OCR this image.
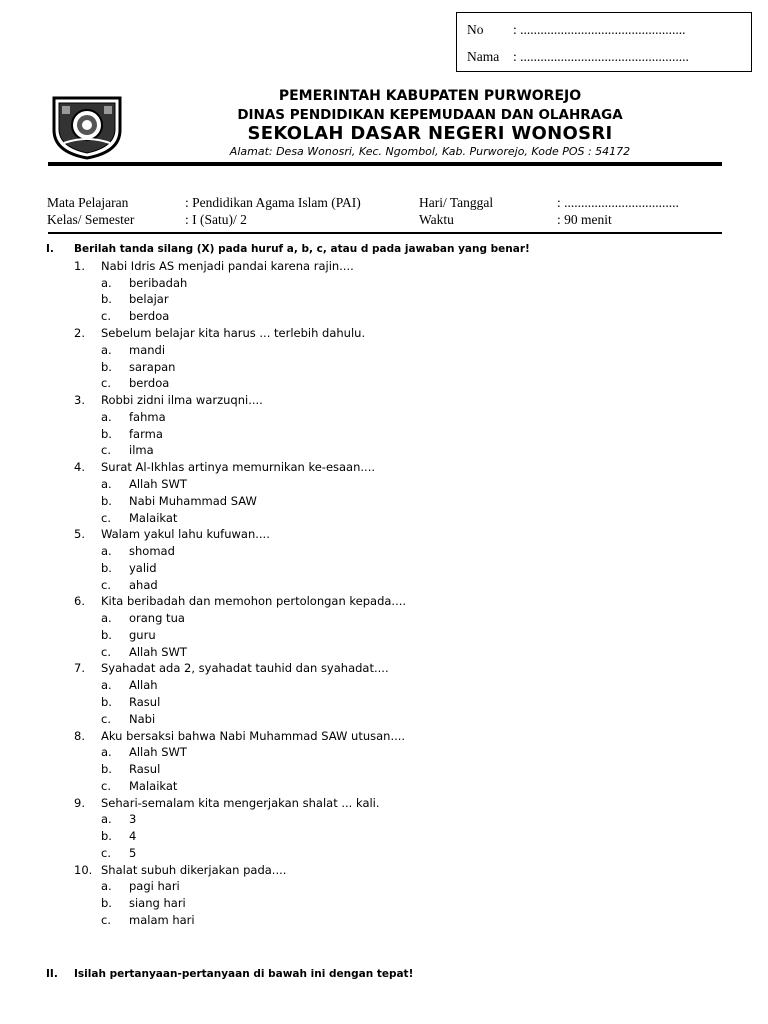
No : .................................................
Nama : ..................................................
PEMERINTAH KABUPATEN PURWOREJO
DINAS PENDIDIKAN KEPEMUDAAN DAN OLAHRAGA
SEKOLAH DASAR NEGERI WONOSRI
Alamat: Desa Wonosri, Kec. Ngombol, Kab. Purworejo, Kode POS : 54172
Mata Pelajaran	: Pendidikan Agama Islam (PAI)	Hari/ Tanggal	: ..................................
Kelas/ Semester	: I (Satu)/ 2	Waktu	: 90 menit
I. Berilah tanda silang (X) pada huruf a, b, c, atau d pada jawaban yang benar!
1. Nabi Idris AS menjadi pandai karena rajin....
a. beribadah
b. belajar
c. berdoa
2. Sebelum belajar kita harus ... terlebih dahulu.
a. mandi
b. sarapan
c. berdoa
3. Robbi zidni ilma warzuqni....
a. fahma
b. farma
c. ilma
4. Surat Al-Ikhlas artinya memurnikan ke-esaan....
a. Allah SWT
b. Nabi Muhammad SAW
c. Malaikat
5. Walam yakul lahu kufuwan....
a. shomad
b. yalid
c. ahad
6. Kita beribadah dan memohon pertolongan kepada....
a. orang tua
b. guru
c. Allah SWT
7. Syahadat ada 2, syahadat tauhid dan syahadat....
a. Allah
b. Rasul
c. Nabi
8. Aku bersaksi bahwa Nabi Muhammad SAW utusan....
a. Allah SWT
b. Rasul
c. Malaikat
9. Sehari-semalam kita mengerjakan shalat ... kali.
a. 3
b. 4
c. 5
10. Shalat subuh dikerjakan pada....
a. pagi hari
b. siang hari
c. malam hari
II. Isilah pertanyaan-pertanyaan di bawah ini dengan tepat!
